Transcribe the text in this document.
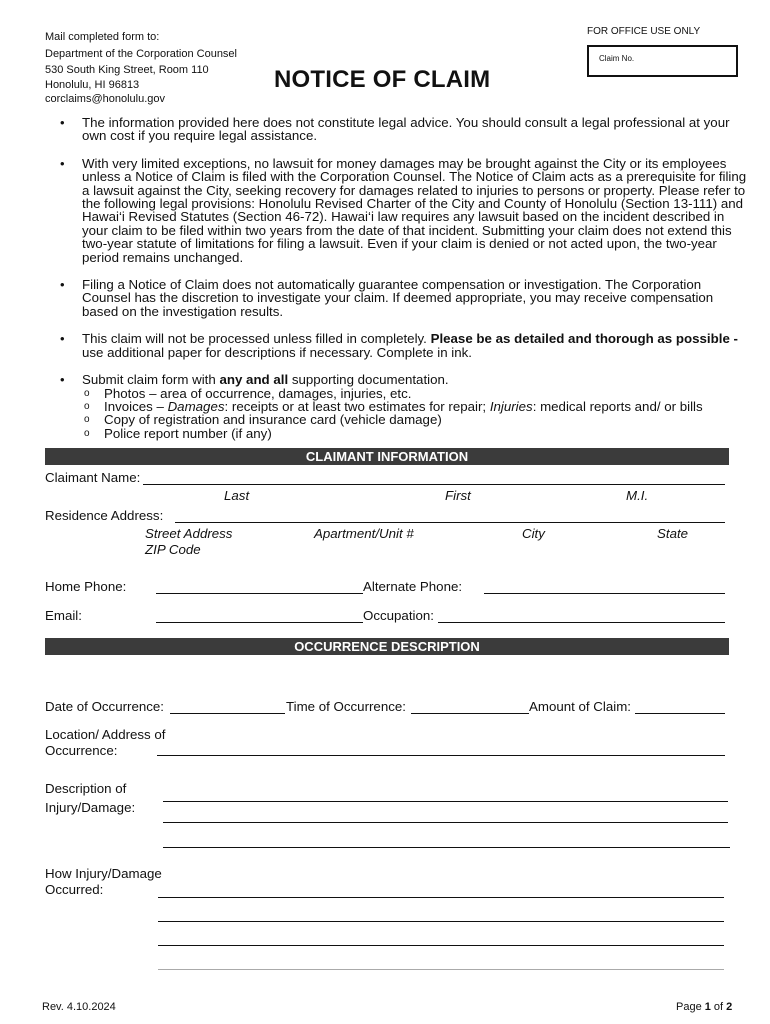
Mail completed form to:
Department of the Corporation Counsel
530 South King Street, Room 110
Honolulu, HI 96813
corclaims@honolulu.gov
FOR OFFICE USE ONLY
Claim No.
NOTICE OF CLAIM
• The information provided here does not constitute legal advice. You should consult a legal professional at your own cost if you require legal assistance.
• With very limited exceptions, no lawsuit for money damages may be brought against the City or its employees unless a Notice of Claim is filed with the Corporation Counsel. The Notice of Claim acts as a prerequisite for filing a lawsuit against the City, seeking recovery for damages related to injuries to persons or property. Please refer to the following legal provisions: Honolulu Revised Charter of the City and County of Honolulu (Section 13-111) and Hawai‘i Revised Statutes (Section 46-72). Hawai‘i law requires any lawsuit based on the incident described in your claim to be filed within two years from the date of that incident. Submitting your claim does not extend this two-year statute of limitations for filing a lawsuit. Even if your claim is denied or not acted upon, the two-year period remains unchanged.
• Filing a Notice of Claim does not automatically guarantee compensation or investigation. The Corporation Counsel has the discretion to investigate your claim. If deemed appropriate, you may receive compensation based on the investigation results.
• This claim will not be processed unless filled in completely. Please be as detailed and thorough as possible - use additional paper for descriptions if necessary. Complete in ink.
• Submit claim form with any and all supporting documentation.
o Photos – area of occurrence, damages, injuries, etc.
o Invoices – Damages: receipts or at least two estimates for repair; Injuries: medical reports and/ or bills
o Copy of registration and insurance card (vehicle damage)
o Police report number (if any)
CLAIMANT INFORMATION
Claimant Name:
Last	First	M.I.
Residence Address:
Street Address	Apartment/Unit #	City	State
ZIP Code
Home Phone:	Alternate Phone:
Email:	Occupation:
OCCURRENCE DESCRIPTION
Date of Occurrence:	Time of Occurrence:	Amount of Claim:
Location/ Address of
Occurrence:
Description of
Injury/Damage:
How Injury/Damage
Occurred:
Rev. 4.10.2024	Page 1 of 2
